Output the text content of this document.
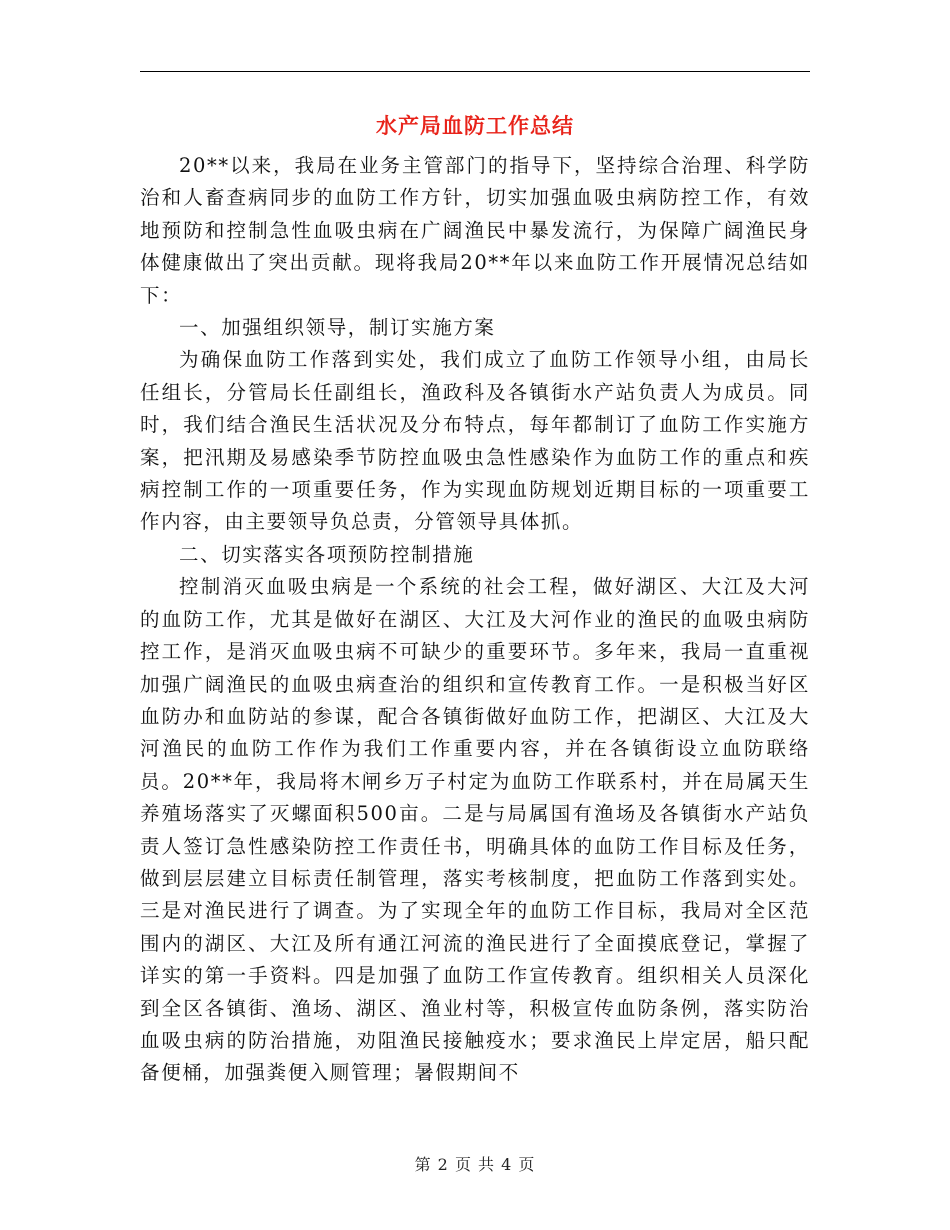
水产局血防工作总结

20**以来，我局在业务主管部门的指导下，坚持综合治理、科学防治和人畜查病同步的血防工作方针，切实加强血吸虫病防控工作，有效地预防和控制急性血吸虫病在广阔渔民中暴发流行，为保障广阔渔民身体健康做出了突出贡献。现将我局20**年以来血防工作开展情况总结如下：

一、加强组织领导，制订实施方案

为确保血防工作落到实处，我们成立了血防工作领导小组，由局长任组长，分管局长任副组长，渔政科及各镇街水产站负责人为成员。同时，我们结合渔民生活状况及分布特点，每年都制订了血防工作实施方案，把汛期及易感染季节防控血吸虫急性感染作为血防工作的重点和疾病控制工作的一项重要任务，作为实现血防规划近期目标的一项重要工作内容，由主要领导负总责，分管领导具体抓。

二、切实落实各项预防控制措施

控制消灭血吸虫病是一个系统的社会工程，做好湖区、大江及大河的血防工作，尤其是做好在湖区、大江及大河作业的渔民的血吸虫病防控工作，是消灭血吸虫病不可缺少的重要环节。多年来，我局一直重视加强广阔渔民的血吸虫病查治的组织和宣传教育工作。一是积极当好区血防办和血防站的参谋，配合各镇街做好血防工作，把湖区、大江及大河渔民的血防工作作为我们工作重要内容，并在各镇街设立血防联络员。20**年，我局将木闸乡万子村定为血防工作联系村，并在局属天生养殖场落实了灭螺面积500亩。二是与局属国有渔场及各镇街水产站负责人签订急性感染防控工作责任书，明确具体的血防工作目标及任务，做到层层建立目标责任制管理，落实考核制度，把血防工作落到实处。三是对渔民进行了调查。为了实现全年的血防工作目标，我局对全区范围内的湖区、大江及所有通江河流的渔民进行了全面摸底登记，掌握了详实的第一手资料。四是加强了血防工作宣传教育。组织相关人员深化到全区各镇街、渔场、湖区、渔业村等，积极宣传血防条例，落实防治血吸虫病的防治措施，劝阻渔民接触疫水；要求渔民上岸定居，船只配备便桶，加强粪便入厕管理；暑假期间不

第 2 页 共 4 页
